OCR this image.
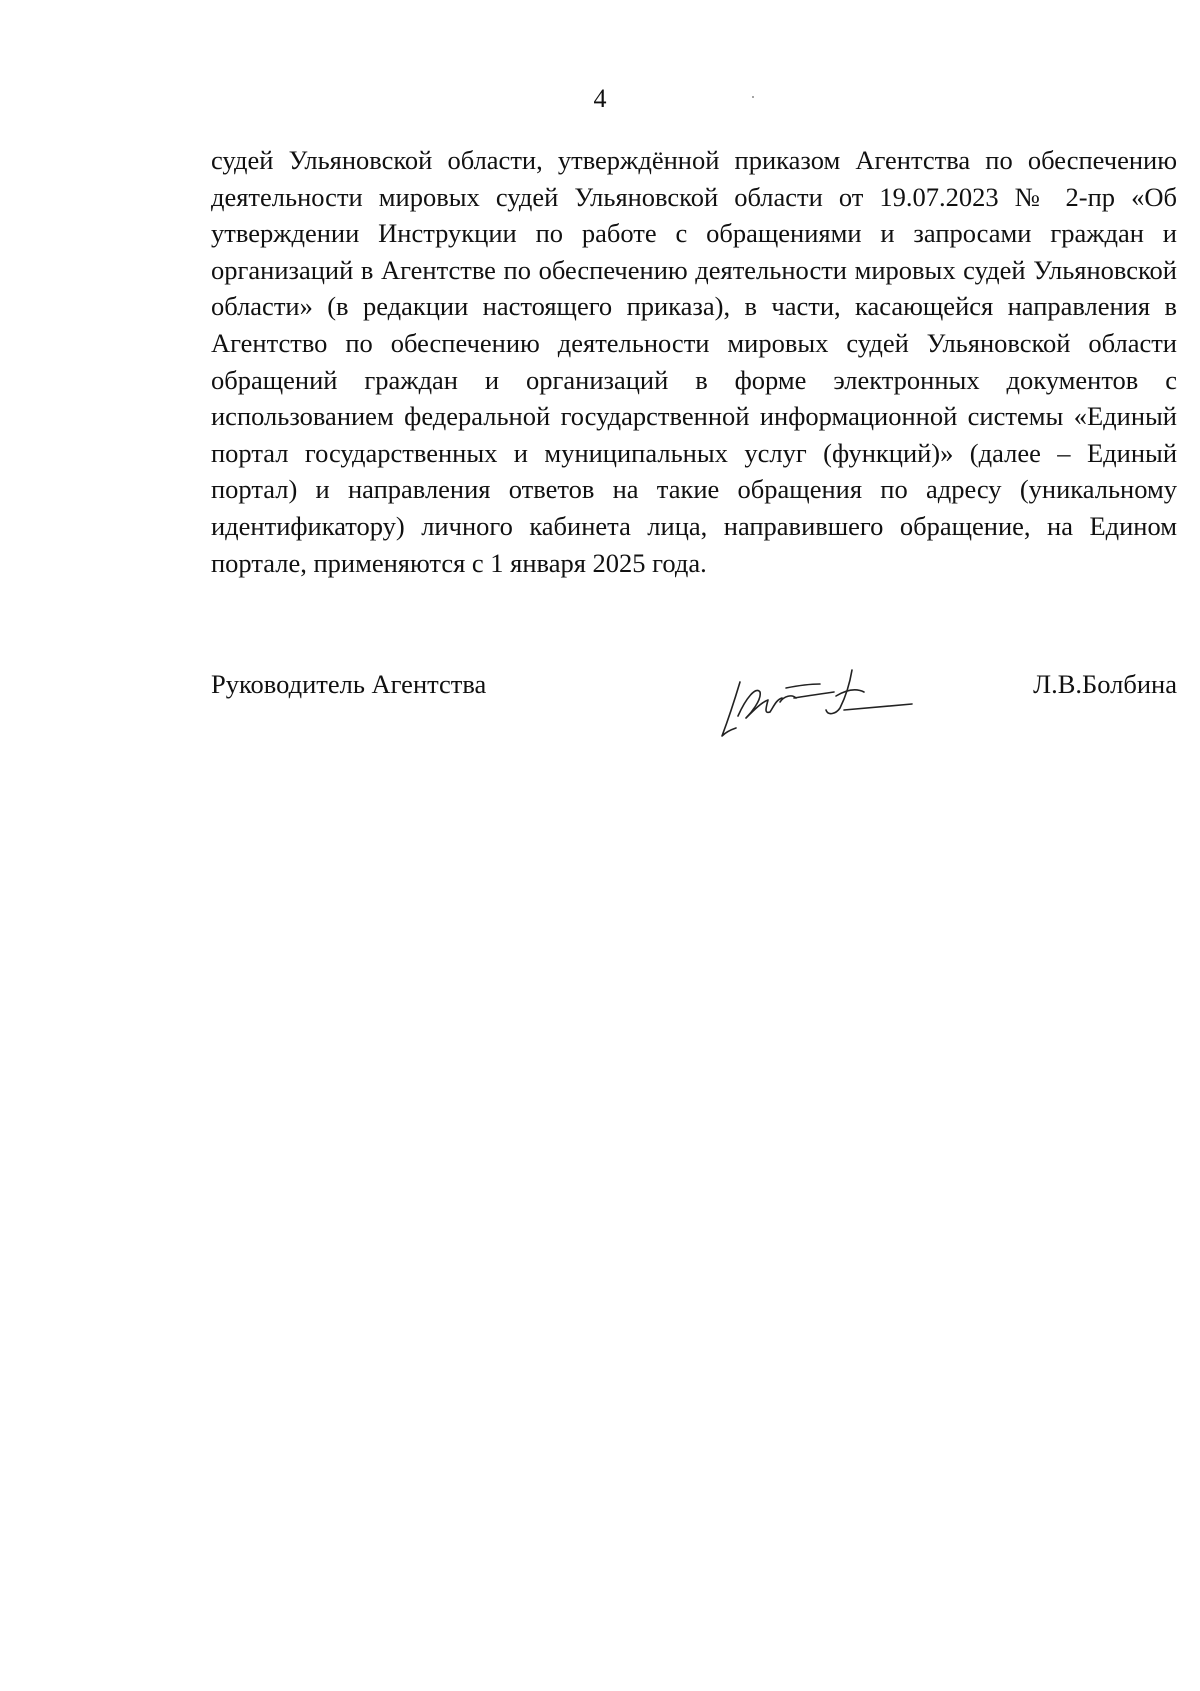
4

судей Ульяновской области, утверждённой приказом Агентства по обеспечению деятельности мировых судей Ульяновской области от 19.07.2023 № 2-пр «Об утверждении Инструкции по работе с обращениями и запросами граждан и организаций в Агентстве по обеспечению деятельности мировых судей Ульяновской области» (в редакции настоящего приказа), в части, касающейся направления в Агентство по обеспечению деятельности мировых судей Ульяновской области обращений граждан и организаций в форме электронных документов с использованием федеральной государственной информационной системы «Единый портал государственных и муниципальных услуг (функций)» (далее – Единый портал) и направления ответов на такие обращения по адресу (уникальному идентификатору) личного кабинета лица, направившего обращение, на Едином портале, применяются с 1 января 2025 года.

Руководитель Агентства	Л.В.Болбина
